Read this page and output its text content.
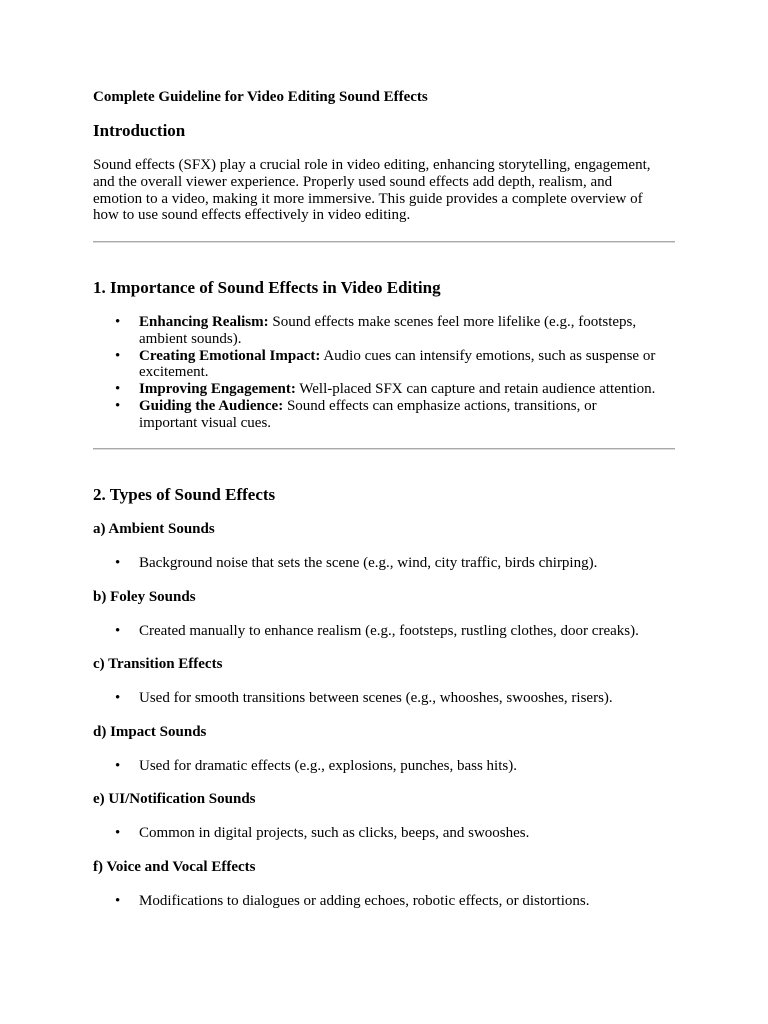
Complete Guideline for Video Editing Sound Effects

Introduction
Sound effects (SFX) play a crucial role in video editing, enhancing storytelling, engagement,
and the overall viewer experience. Properly used sound effects add depth, realism, and
emotion to a video, making it more immersive. This guide provides a complete overview of
how to use sound effects effectively in video editing.
1. Importance of Sound Effects in Video Editing
• Enhancing Realism: Sound effects make scenes feel more lifelike (e.g., footsteps,
ambient sounds).
• Creating Emotional Impact: Audio cues can intensify emotions, such as suspense or
excitement.
• Improving Engagement: Well-placed SFX can capture and retain audience attention.
• Guiding the Audience: Sound effects can emphasize actions, transitions, or
important visual cues.
2. Types of Sound Effects
a) Ambient Sounds
• Background noise that sets the scene (e.g., wind, city traffic, birds chirping).
b) Foley Sounds
• Created manually to enhance realism (e.g., footsteps, rustling clothes, door creaks).
c) Transition Effects
• Used for smooth transitions between scenes (e.g., whooshes, swooshes, risers).
d) Impact Sounds
• Used for dramatic effects (e.g., explosions, punches, bass hits).
e) UI/Notification Sounds
• Common in digital projects, such as clicks, beeps, and swooshes.
f) Voice and Vocal Effects
• Modifications to dialogues or adding echoes, robotic effects, or distortions.
